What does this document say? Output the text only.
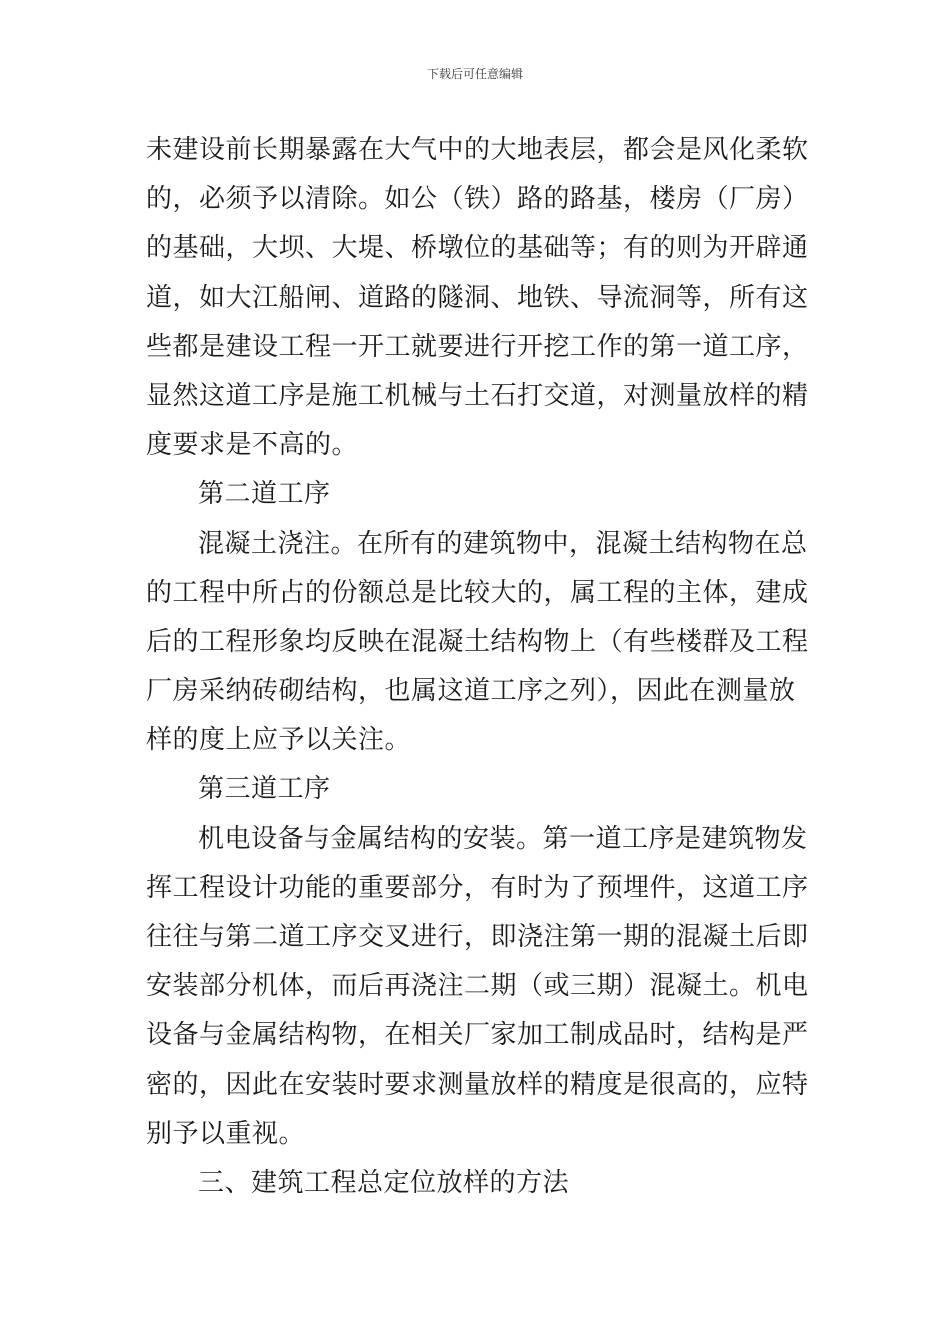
下载后可任意编辑
未建设前长期暴露在大气中的大地表层，都会是风化柔软
的，必须予以清除。如公（铁）路的路基，楼房（厂房）
的基础，大坝、大堤、桥墩位的基础等；有的则为开辟通
道，如大江船闸、道路的隧洞、地铁、导流洞等，所有这
些都是建设工程一开工就要进行开挖工作的第一道工序，
显然这道工序是施工机械与土石打交道，对测量放样的精
度要求是不高的。
第二道工序
混凝土浇注。在所有的建筑物中，混凝土结构物在总
的工程中所占的份额总是比较大的，属工程的主体，建成
后的工程形象均反映在混凝土结构物上（有些楼群及工程
厂房采纳砖砌结构，也属这道工序之列），因此在测量放
样的度上应予以关注。
第三道工序
机电设备与金属结构的安装。第一道工序是建筑物发
挥工程设计功能的重要部分，有时为了预埋件，这道工序
往往与第二道工序交叉进行，即浇注第一期的混凝土后即
安装部分机体，而后再浇注二期（或三期）混凝土。机电
设备与金属结构物，在相关厂家加工制成品时，结构是严
密的，因此在安装时要求测量放样的精度是很高的，应特
别予以重视。
三、建筑工程总定位放样的方法
